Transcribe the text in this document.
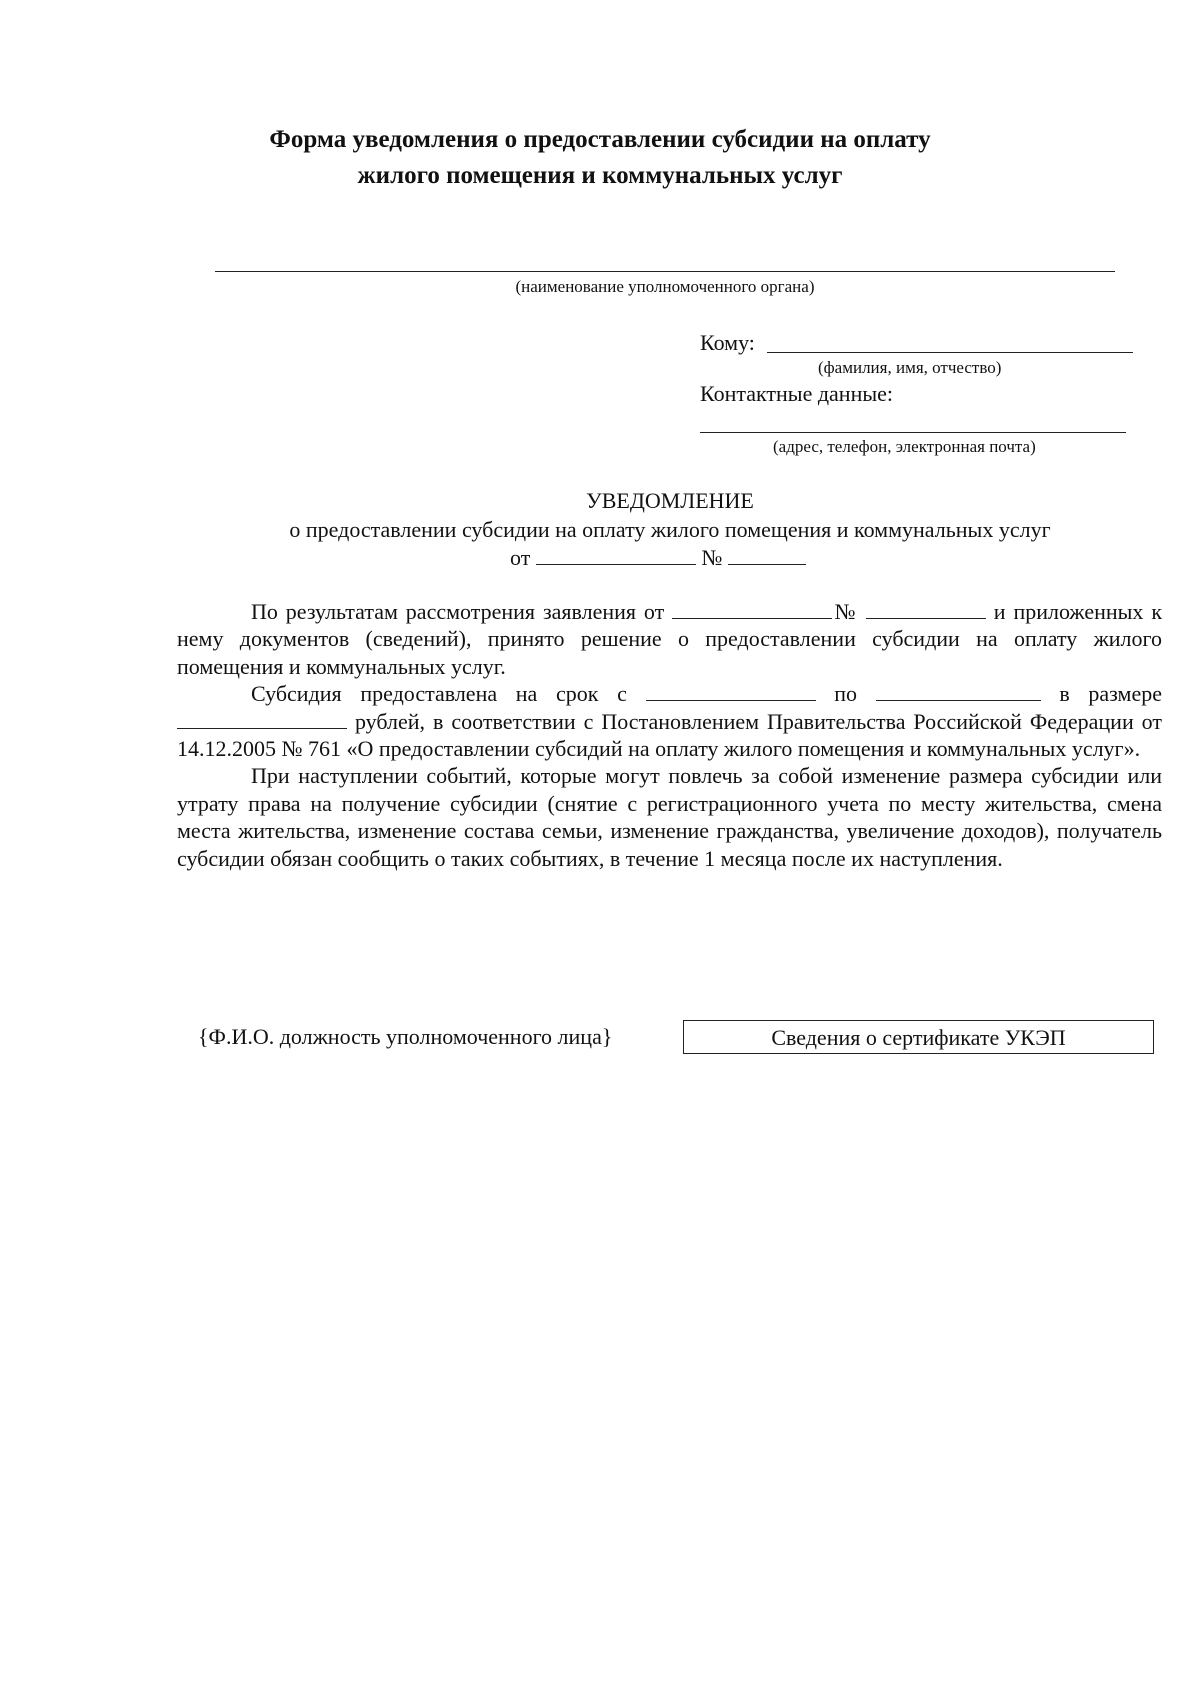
Форма уведомления о предоставлении субсидии на оплату
жилого помещения и коммунальных услуг
(наименование уполномоченного органа)
Кому:
(фамилия, имя, отчество)
Контактные данные:
(адрес, телефон, электронная почта)
УВЕДОМЛЕНИЕ
о предоставлении субсидии на оплату жилого помещения и коммунальных услуг
от	№

По результатам рассмотрения заявления от	№	и приложенных к нему документов (сведений), принято решение о предоставлении субсидии на оплату жилого помещения и коммунальных услуг.

Субсидия предоставлена на срок с	по	в размере  рублей, в соответствии с Постановлением Правительства Российской Федерации от 14.12.2005 № 761 «О предоставлении субсидий на оплату жилого помещения и коммунальных услуг».

При наступлении событий, которые могут повлечь за собой изменение размера субсидии или утрату права на получение субсидии (снятие с регистрационного учета по месту жительства, смена места жительства, изменение состава семьи, изменение гражданства, увеличение доходов), получатель субсидии обязан сообщить о таких событиях, в течение 1 месяца после их наступления.

{Ф.И.О. должность уполномоченного лица}	Сведения о сертификате УКЭП
